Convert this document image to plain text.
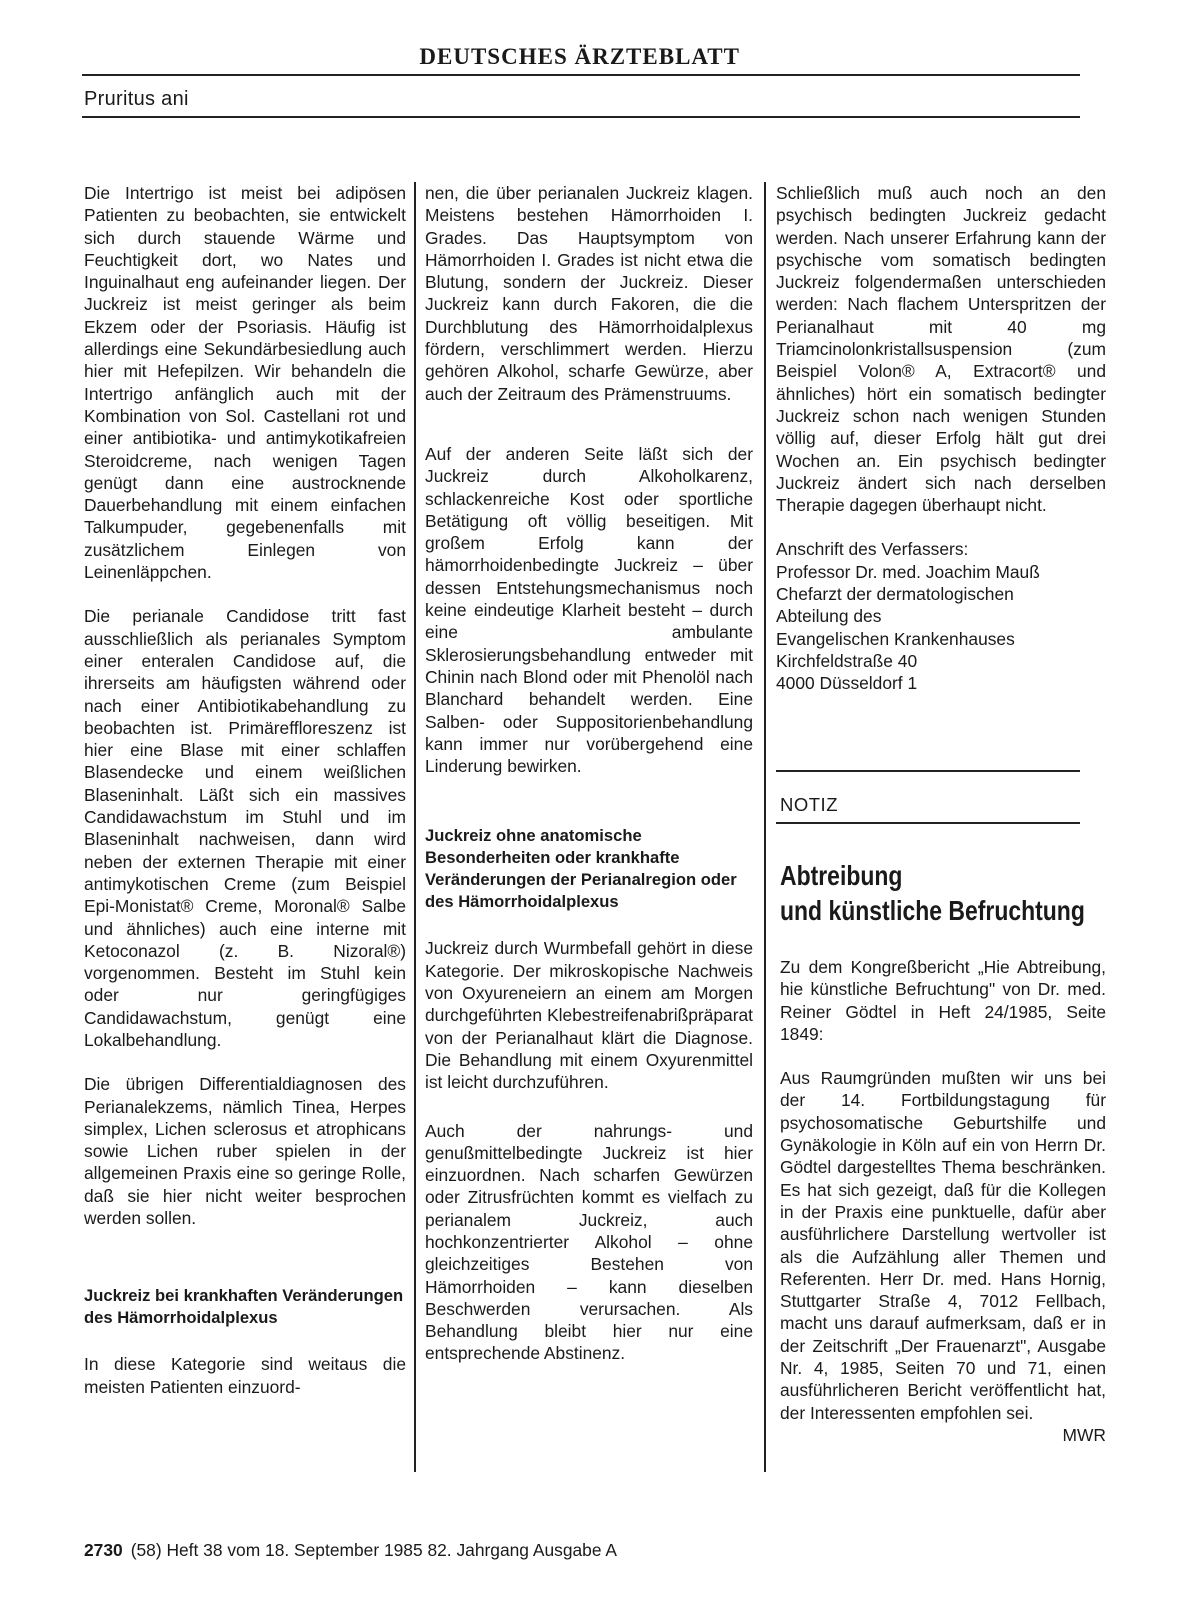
DEUTSCHES ÄRZTEBLATT
Pruritus ani

Die Intertrigo ist meist bei adipösen Patienten zu beobachten, sie entwickelt sich durch stauende Wärme und Feuchtigkeit dort, wo Nates und Inguinalhaut eng aufeinander liegen. Der Juckreiz ist meist geringer als beim Ekzem oder der Psoriasis. Häufig ist allerdings eine Sekundärbesiedlung auch hier mit Hefepilzen. Wir behandeln die Intertrigo anfänglich auch mit der Kombination von Sol. Castellani rot und einer antibiotika- und antimykotikafreien Steroidcreme, nach wenigen Tagen genügt dann eine austrocknende Dauerbehandlung mit einem einfachen Talkumpuder, gegebenenfalls mit zusätzlichem Einlegen von Leinenläppchen.

Die perianale Candidose tritt fast ausschließlich als perianales Symptom einer enteralen Candidose auf, die ihrerseits am häufigsten während oder nach einer Antibiotikabehandlung zu beobachten ist. Primäreffloreszenz ist hier eine Blase mit einer schlaffen Blasendecke und einem weißlichen Blaseninhalt. Läßt sich ein massives Candidawachstum im Stuhl und im Blaseninhalt nachweisen, dann wird neben der externen Therapie mit einer antimykotischen Creme (zum Beispiel Epi-Monistat® Creme, Moronal® Salbe und ähnliches) auch eine interne mit Ketoconazol (z. B. Nizoral®) vorgenommen. Besteht im Stuhl kein oder nur geringfügiges Candidawachstum, genügt eine Lokalbehandlung.

Die übrigen Differentialdiagnosen des Perianalekzems, nämlich Tinea, Herpes simplex, Lichen sclerosus et atrophicans sowie Lichen ruber spielen in der allgemeinen Praxis eine so geringe Rolle, daß sie hier nicht weiter besprochen werden sollen.

Juckreiz bei krankhaften Veränderungen des Hämorrhoidalplexus

In diese Kategorie sind weitaus die meisten Patienten einzuord-

nen, die über perianalen Juckreiz klagen. Meistens bestehen Hämorrhoiden I. Grades. Das Hauptsymptom von Hämorrhoiden I. Grades ist nicht etwa die Blutung, sondern der Juckreiz. Dieser Juckreiz kann durch Fakoren, die die Durchblutung des Hämorrhoidalplexus fördern, verschlimmert werden. Hierzu gehören Alkohol, scharfe Gewürze, aber auch der Zeitraum des Prämenstruums.

Auf der anderen Seite läßt sich der Juckreiz durch Alkoholkarenz, schlackenreiche Kost oder sportliche Betätigung oft völlig beseitigen. Mit großem Erfolg kann der hämorrhoidenbedingte Juckreiz – über dessen Entstehungsmechanismus noch keine eindeutige Klarheit besteht – durch eine ambulante Sklerosierungsbehandlung entweder mit Chinin nach Blond oder mit Phenolöl nach Blanchard behandelt werden. Eine Salben- oder Suppositorienbehandlung kann immer nur vorübergehend eine Linderung bewirken.

Juckreiz ohne anatomische Besonderheiten oder krankhafte Veränderungen der Perianalregion oder des Hämorrhoidalplexus

Juckreiz durch Wurmbefall gehört in diese Kategorie. Der mikroskopische Nachweis von Oxyureneiern an einem am Morgen durchgeführten Klebestreifenabrißpräparat von der Perianalhaut klärt die Diagnose. Die Behandlung mit einem Oxyurenmittel ist leicht durchzuführen.

Auch der nahrungs- und genußmittelbedingte Juckreiz ist hier einzuordnen. Nach scharfen Gewürzen oder Zitrusfrüchten kommt es vielfach zu perianalem Juckreiz, auch hochkonzentrierter Alkohol – ohne gleichzeitiges Bestehen von Hämorrhoiden – kann dieselben Beschwerden verursachen. Als Behandlung bleibt hier nur eine entsprechende Abstinenz.

Schließlich muß auch noch an den psychisch bedingten Juckreiz gedacht werden. Nach unserer Erfahrung kann der psychische vom somatisch bedingten Juckreiz folgendermaßen unterschieden werden: Nach flachem Unterspritzen der Perianalhaut mit 40 mg Triamcinolonkristallsuspension (zum Beispiel Volon® A, Extracort® und ähnliches) hört ein somatisch bedingter Juckreiz schon nach wenigen Stunden völlig auf, dieser Erfolg hält gut drei Wochen an. Ein psychisch bedingter Juckreiz ändert sich nach derselben Therapie dagegen überhaupt nicht.

Anschrift des Verfassers:
Professor Dr. med. Joachim Mauß
Chefarzt der dermatologischen
Abteilung des
Evangelischen Krankenhauses
Kirchfeldstraße 40
4000 Düsseldorf 1
NOTIZ
Abtreibung
und künstliche Befruchtung

Zu dem Kongreßbericht „Hie Abtreibung, hie künstliche Befruchtung" von Dr. med. Reiner Gödtel in Heft 24/1985, Seite 1849:

Aus Raumgründen mußten wir uns bei der 14. Fortbildungstagung für psychosomatische Geburtshilfe und Gynäkologie in Köln auf ein von Herrn Dr. Gödtel dargestelltes Thema beschränken. Es hat sich gezeigt, daß für die Kollegen in der Praxis eine punktuelle, dafür aber ausführlichere Darstellung wertvoller ist als die Aufzählung aller Themen und Referenten. Herr Dr. med. Hans Hornig, Stuttgarter Straße 4, 7012 Fellbach, macht uns darauf aufmerksam, daß er in der Zeitschrift „Der Frauenarzt", Ausgabe Nr. 4, 1985, Seiten 70 und 71, einen ausführlicheren Bericht veröffentlicht hat, der Interessenten empfohlen sei.

MWR
2730 (58) Heft 38 vom 18. September 1985 82. Jahrgang Ausgabe A
